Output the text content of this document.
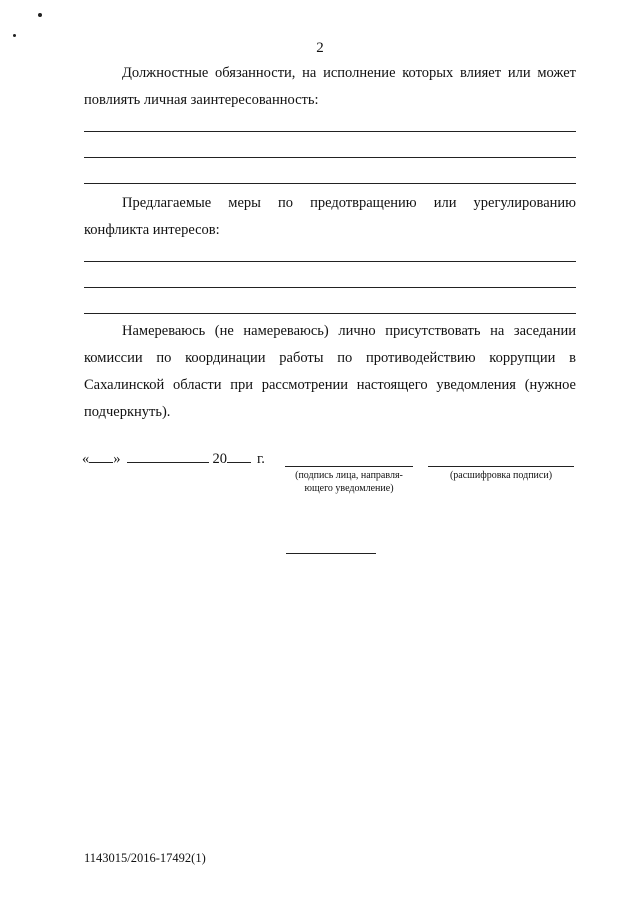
2

Должностные обязанности, на исполнение которых влияет или может повлиять личная заинтересованность:

Предлагаемые меры по предотвращению или урегулированию конфликта интересов:

Намереваюсь (не намереваюсь) лично присутствовать на заседании комиссии по координации работы по противодействию коррупции в Сахалинской области при рассмотрении настоящего уведомления (нужное подчеркнуть).

« »	20 г.
(подпись лица, направля-
ющего уведомление)
(расшифровка подписи)
1143015/2016-17492(1)
